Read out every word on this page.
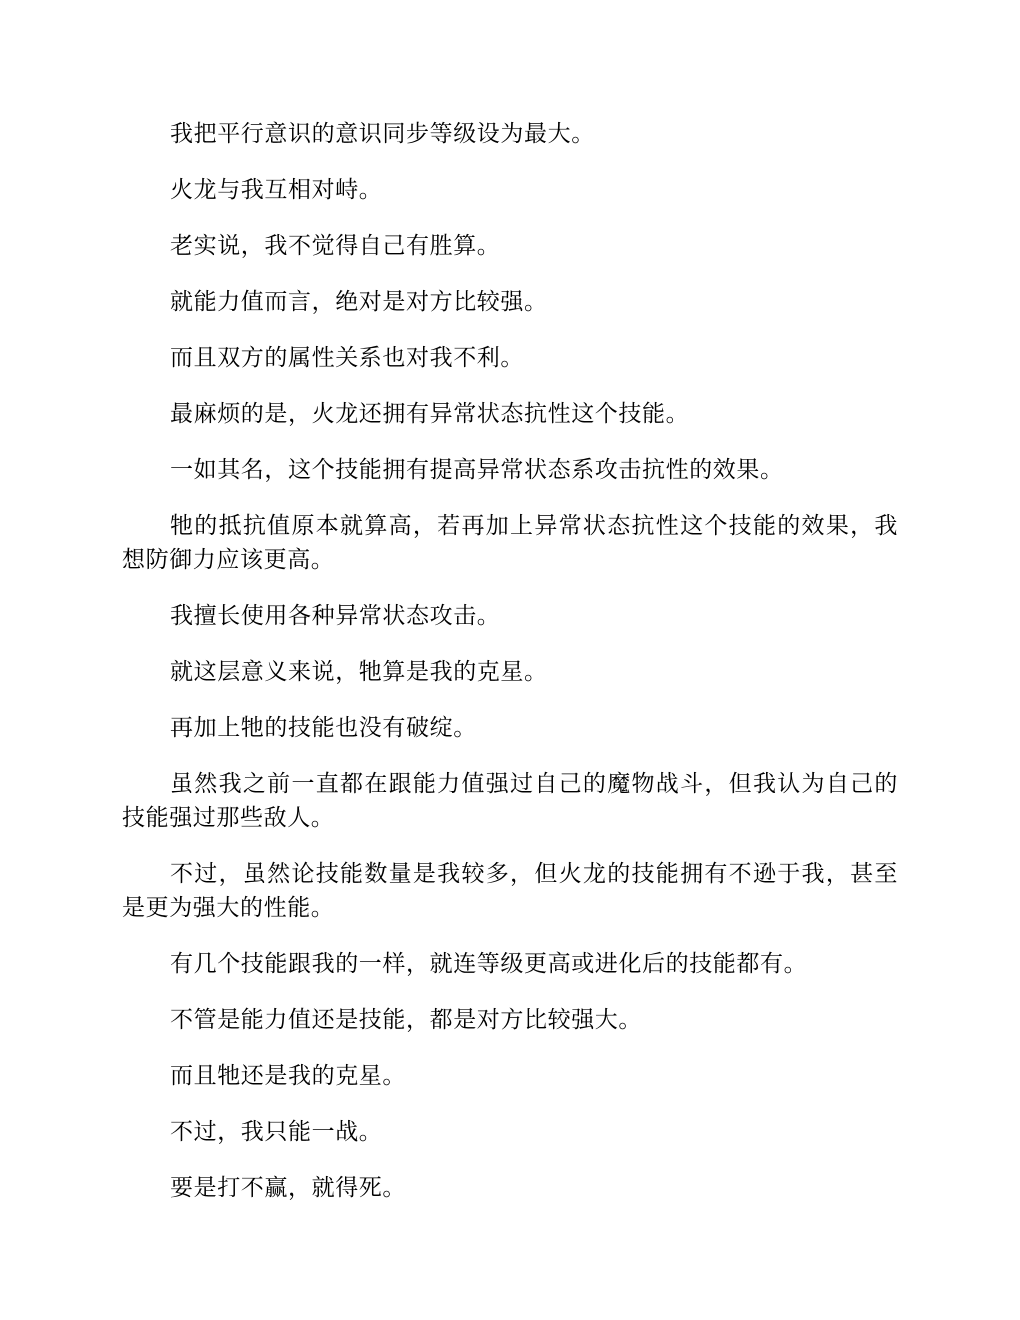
我把平行意识的意识同步等级设为最大。

火龙与我互相对峙。

老实说，我不觉得自己有胜算。

就能力值而言，绝对是对方比较强。

而且双方的属性关系也对我不利。

最麻烦的是，火龙还拥有异常状态抗性这个技能。

一如其名，这个技能拥有提高异常状态系攻击抗性的效果。

牠的抵抗值原本就算高，若再加上异常状态抗性这个技能的效果，我想防御力应该更高。

我擅长使用各种异常状态攻击。

就这层意义来说，牠算是我的克星。

再加上牠的技能也没有破绽。

虽然我之前一直都在跟能力值强过自己的魔物战斗，但我认为自己的技能强过那些敌人。

不过，虽然论技能数量是我较多，但火龙的技能拥有不逊于我，甚至是更为强大的性能。

有几个技能跟我的一样，就连等级更高或进化后的技能都有。

不管是能力值还是技能，都是对方比较强大。

而且牠还是我的克星。

不过，我只能一战。

要是打不赢，就得死。
